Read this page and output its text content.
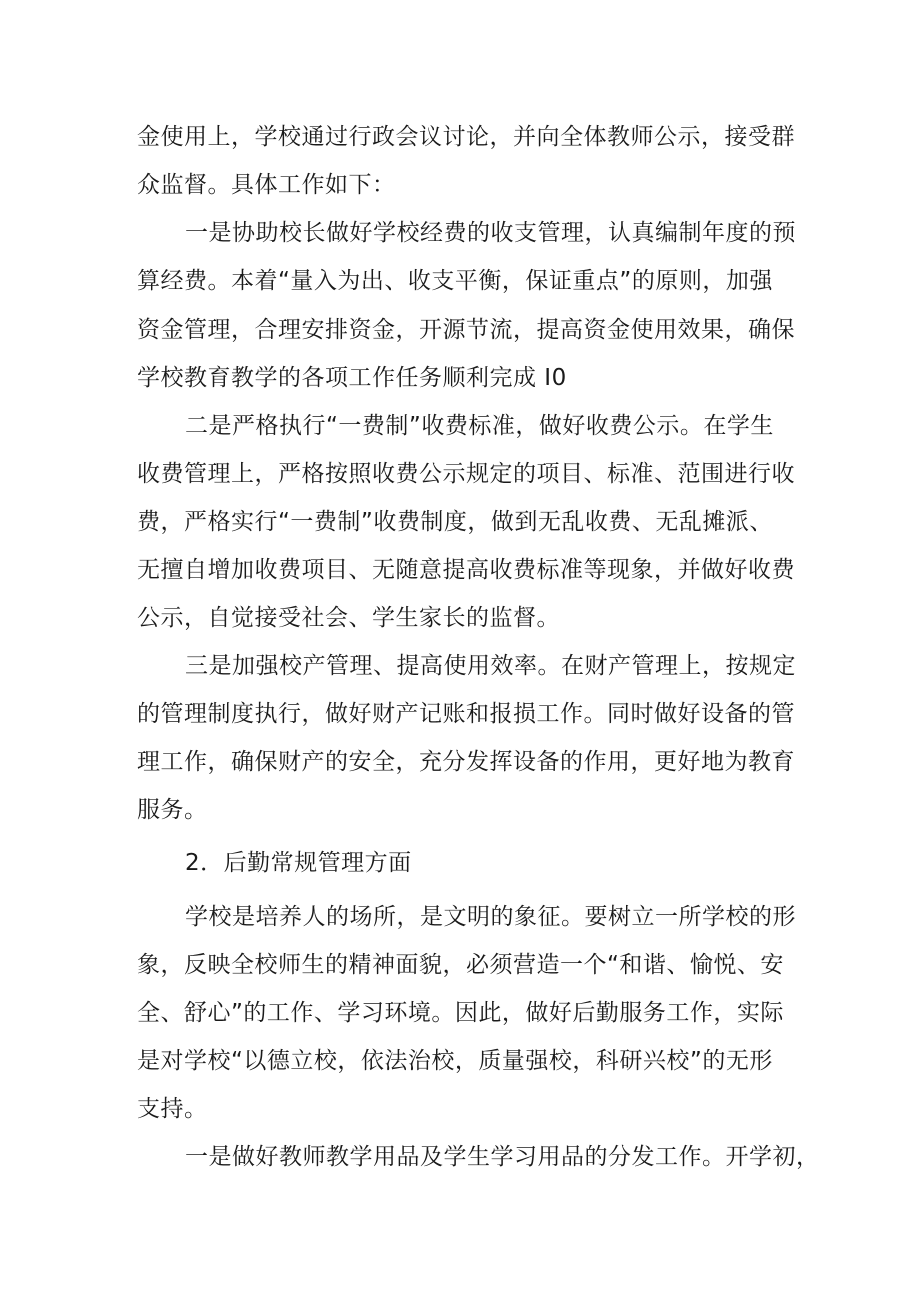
金使用上，学校通过行政会议讨论，并向全体教师公示，接受群
众监督。具体工作如下：
一是协助校长做好学校经费的收支管理，认真编制年度的预
算经费。本着“量入为出、收支平衡，保证重点”的原则，加强
资金管理，合理安排资金，开源节流，提高资金使用效果，确保
学校教育教学的各项工作任务顺利完成 I0
二是严格执行“一费制”收费标准，做好收费公示。在学生
收费管理上，严格按照收费公示规定的项目、标准、范围进行收
费，严格实行“一费制”收费制度，做到无乱收费、无乱摊派、
无擅自增加收费项目、无随意提高收费标准等现象，并做好收费
公示，自觉接受社会、学生家长的监督。
三是加强校产管理、提高使用效率。在财产管理上，按规定
的管理制度执行，做好财产记账和报损工作。同时做好设备的管
理工作，确保财产的安全，充分发挥设备的作用，更好地为教育
服务。
2．后勤常规管理方面
学校是培养人的场所，是文明的象征。要树立一所学校的形
象，反映全校师生的精神面貌，必须营造一个“和谐、愉悦、安
全、舒心”的工作、学习环境。因此，做好后勤服务工作，实际
是对学校“以德立校，依法治校，质量强校，科研兴校”的无形
支持。
一是做好教师教学用品及学生学习用品的分发工作。开学初，
